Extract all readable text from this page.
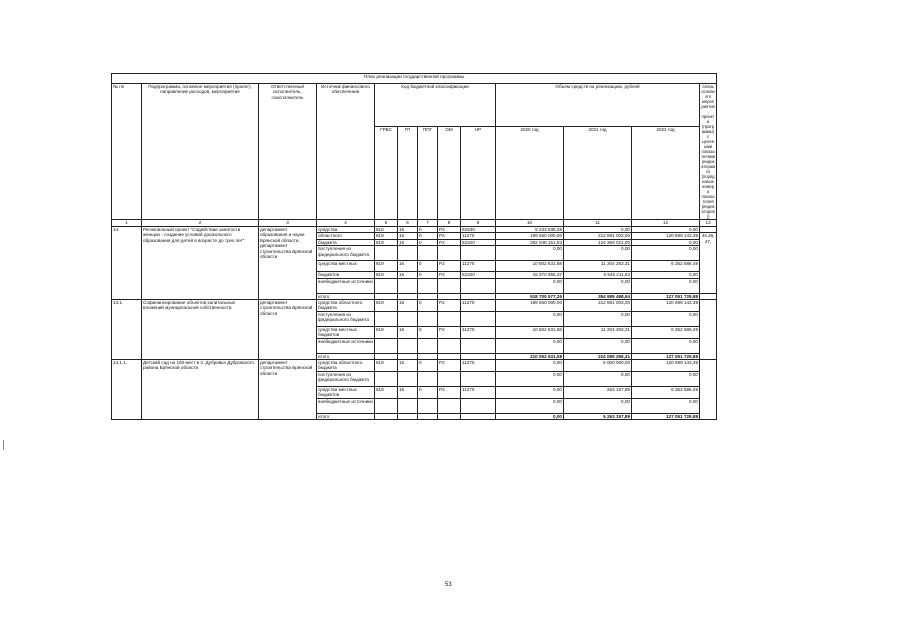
План реализации государственной программы												
№ пп	Подпрограмма, основное мероприятие (проект), направление расходов, мероприятие	Ответственный исполнитель, соисполнитель	Источник финансового обеспечения	Код бюджетной классификации					Объем средств на реализацию, рублей			Связь основного мероприятия, проекта (программы) с целевыми показателями (индикаторами) (порядковые номера показателей (индикаторов))
				ГРБС	ГП	ППГ	ОМ	НР	2020 год	2021 год	2022 год	
1	2	3	4	5	6	7	8	9	10	11	12	13
14.	Региональный проект "Содействие занятости женщин - создание условий дошкольного образования для детей в возрасте до трех лет"	департамент образования и науки Брянской области, департамент строительства Брянской области	средства	816	16	0	P2	52530	9 233 838,38	0,00	0,00	
			областного	819	16	0	P2	11270	199 550 000,00	212 881 003,00	120 699 143,39	44,46,47,
			бюджета	819	16	0	P2	52320	292 048 151,93	124 359 021,00	0,00	
			поступления из федерального бюджета						0,00	0,00	0,00	
			средства местных	819	16	0	P2	11270	10 502 631,58	11 204 263,31	6 352 586,49	
			бюджетов	819	16	0	P2	52320	15 370 955,37	6 545 211,63	0,00	
			внебюджетные источники						0,00	0,00	0,00	
			итого						518 705 577,26	354 989 498,94	127 051 729,88	
14.1.	Софинансирование объектов капитальных вложений муниципальной собственности	департамент строительства Брянской области	средства областного бюджета	819	16	0	P2	11270	199 550 000,00	212 881 003,00	120 699 143,39	
			поступления из федерального бюджета						0,00	0,00	0,00	
			средства местных бюджетов	819	16	0	P2	11270	10 502 631,58	11 204 263,31	6 352 586,49	
			внебюджетные источники						0,00	0,00	0,00	
			итого						210 052 631,58	224 085 266,31	127 051 729,88	
14.1.1.	Детский сад на 150 мест в п. Дубровка Дубровского района Брянской области	департамент строительства Брянской области	средства областного бюджета	819	16	0	P2	11270	0,00	5 000 000,00	120 699 143,39	
			поступления из федерального бюджета						0,00	0,00	0,00	
			средства местных бюджетов	819	16	0	P2	11270	0,00	263 157,89	6 352 586,49	
			внебюджетные источники						0,00	0,00	0,00	
			итого						0,00	5 263 157,89	127 051 729,88	
53
